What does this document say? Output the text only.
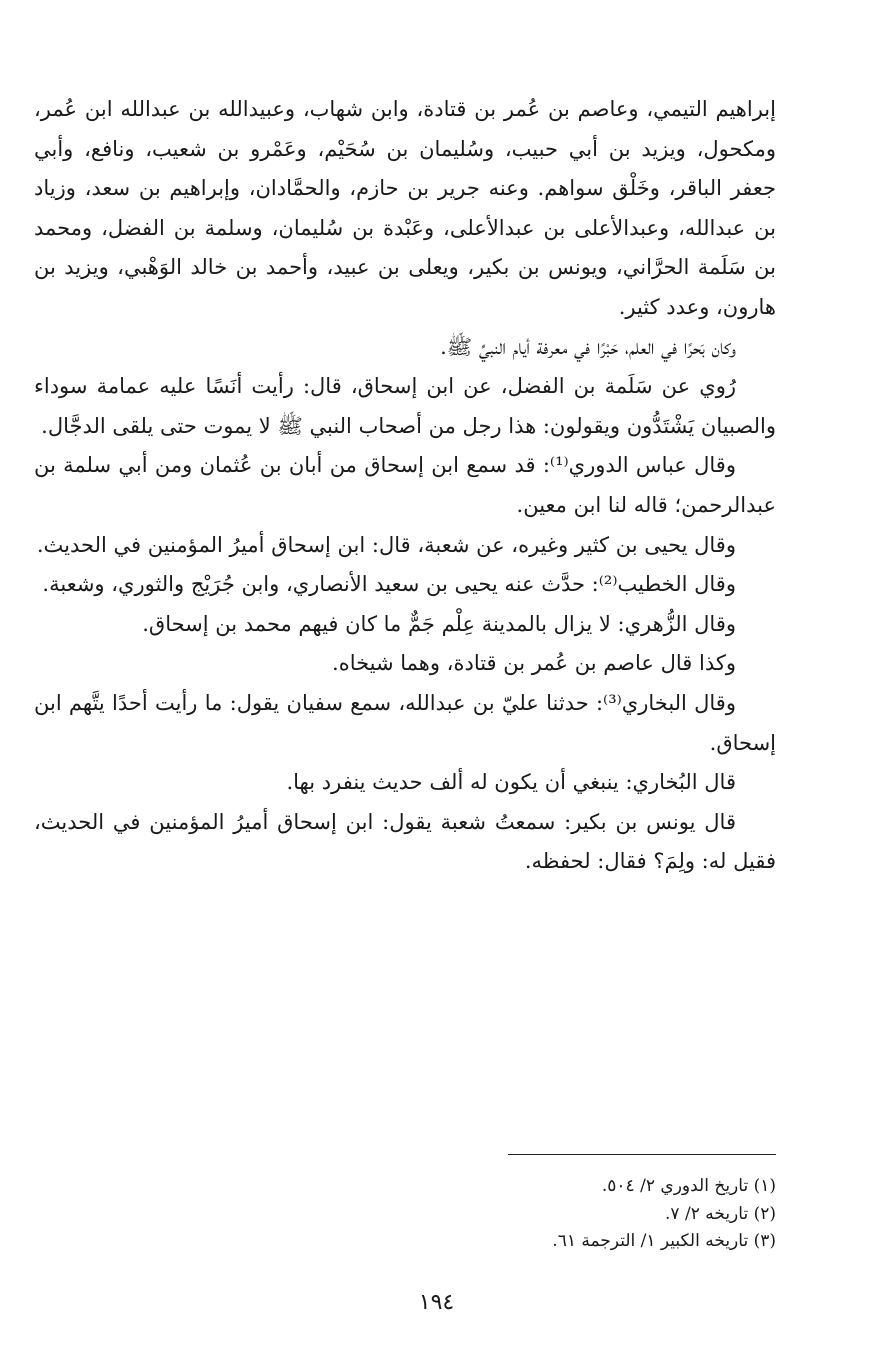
إبراهيم التيمي، وعاصم بن عُمر بن قتادة، وابن شهاب، وعبيدالله بن عبدالله ابن عُمر، ومكحول، ويزيد بن أبي حبيب، وسُليمان بن سُحَيْم، وعَمْرو بن شعيب، ونافع، وأبي جعفر الباقر، وخَلْق سواهم. وعنه جرير بن حازم، والحمَّادان، وإبراهيم بن سعد، وزياد بن عبدالله، وعبدالأعلى بن عبدالأعلى، وعَبْدة بن سُليمان، وسلمة بن الفضل، ومحمد بن سَلَمة الحرَّاني، ويونس بن بكير، ويعلى بن عبيد، وأحمد بن خالد الوَهْبي، ويزيد بن هارون، وعدد كثير.

وكان بَحرًا في العلم، حَبْرًا في معرفة أيام النبيِّ ﷺ.

رُوي عن سَلَمة بن الفضل، عن ابن إسحاق، قال: رأيت أنَسًا عليه عمامة سوداء والصبيان يَشْتَدُّون ويقولون: هذا رجل من أصحاب النبي ﷺ لا يموت حتى يلقى الدجَّال.

وقال عباس الدوري⁽¹⁾: قد سمع ابن إسحاق من أبان بن عُثمان ومن أبي سلمة بن عبدالرحمن؛ قاله لنا ابن معين.

وقال يحيى بن كثير وغيره، عن شعبة، قال: ابن إسحاق أميرُ المؤمنين في الحديث.

وقال الخطيب⁽²⁾: حدَّث عنه يحيى بن سعيد الأنصاري، وابن جُرَيْج والثوري، وشعبة.

وقال الزُّهري: لا يزال بالمدينة عِلْم جَمٌّ ما كان فيهم محمد بن إسحاق.

وكذا قال عاصم بن عُمر بن قتادة، وهما شيخاه.

وقال البخاري⁽³⁾: حدثنا عليّ بن عبدالله، سمع سفيان يقول: ما رأيت أحدًا يتَّهم ابن إسحاق.

قال البُخاري: ينبغي أن يكون له ألف حديث ينفرد بها.

قال يونس بن بكير: سمعتُ شعبة يقول: ابن إسحاق أميرُ المؤمنين في الحديث، فقيل له: ولِمَ؟ فقال: لحفظه.

(١) تاريخ الدوري ٢/ ٥٠٤.

(٢) تاريخه ٢/ ٧.

(٣) تاريخه الكبير ١/ الترجمة ٦١.

١٩٤
